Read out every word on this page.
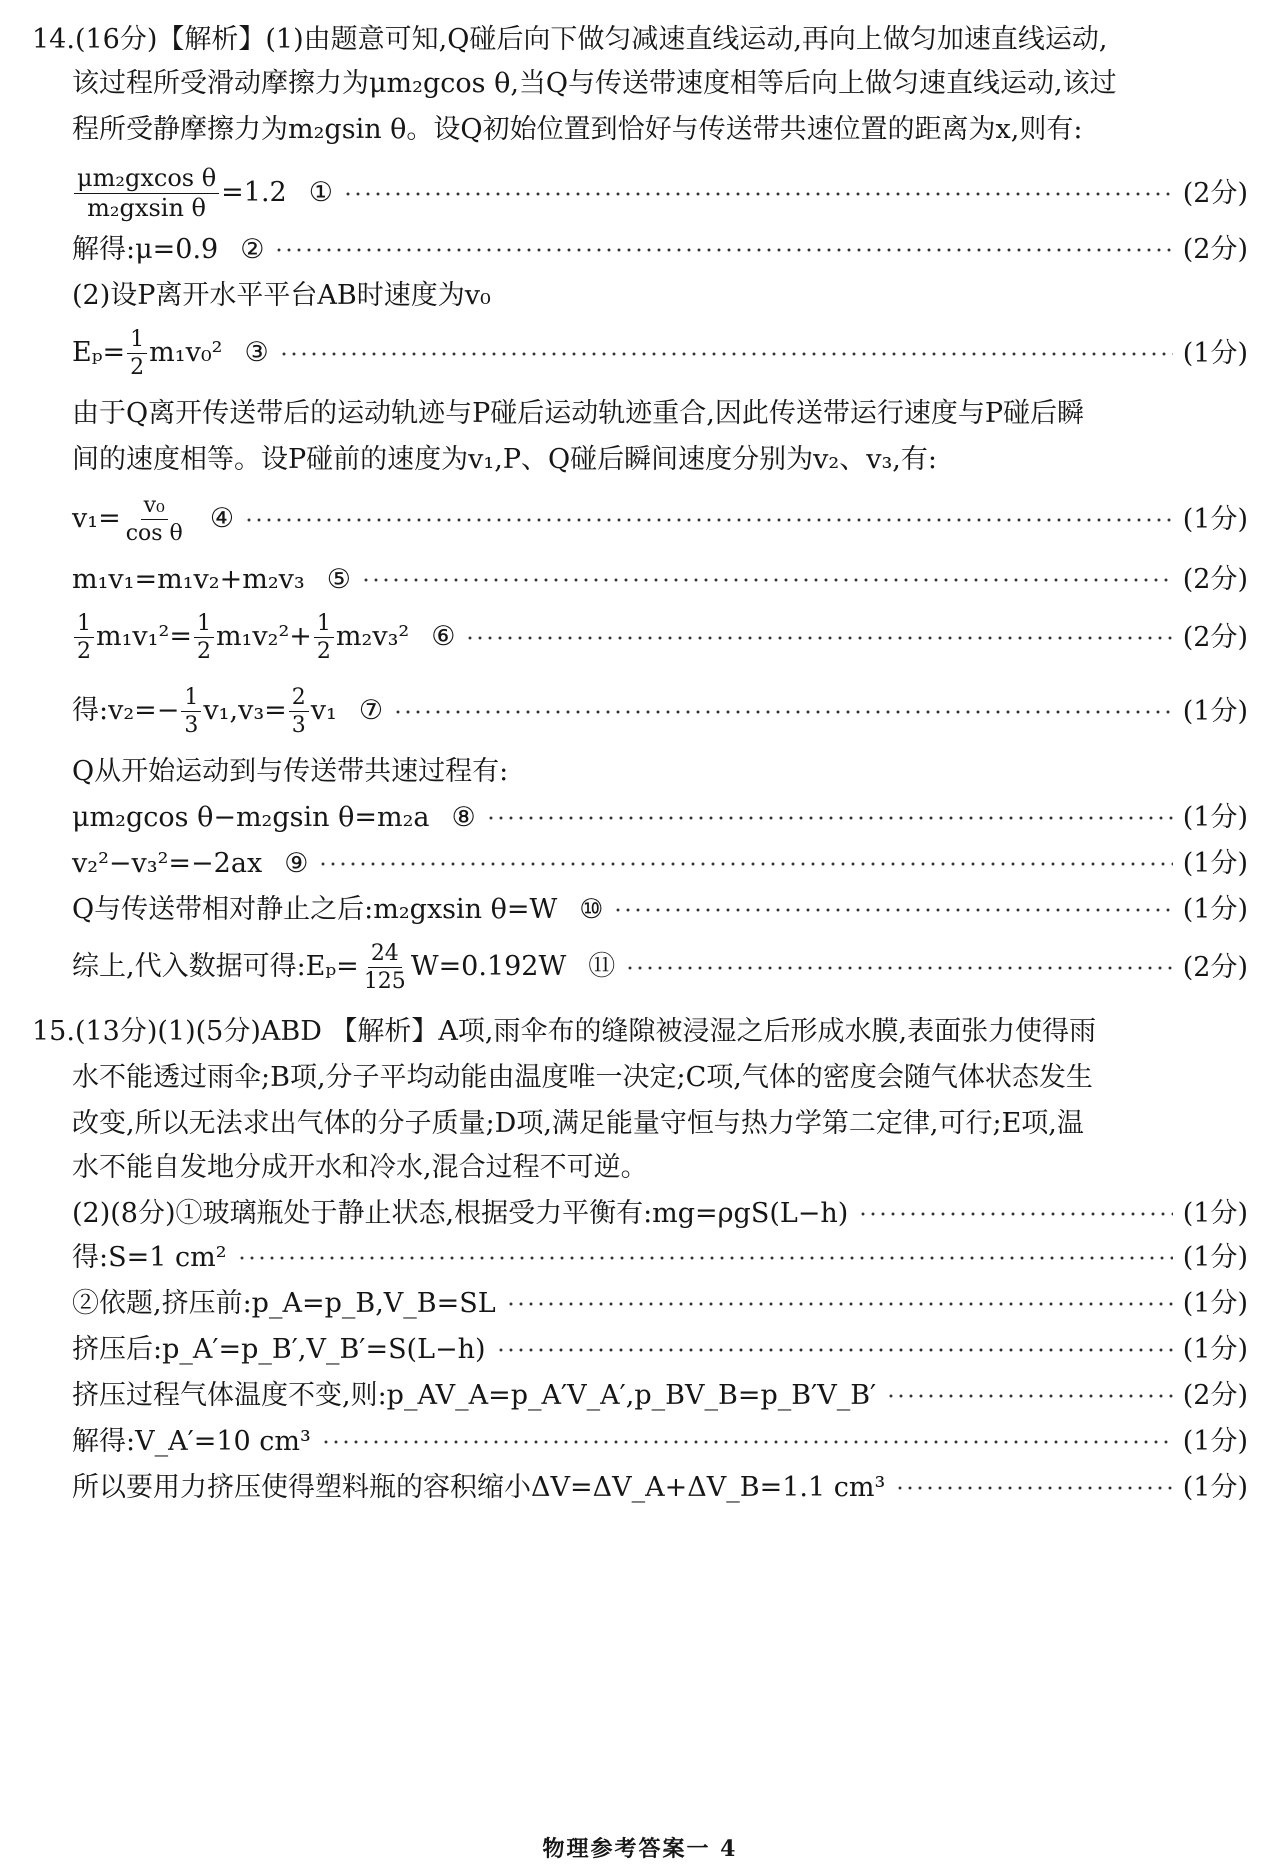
14.(16分)【解析】(1)由题意可知,Q碰后向下做匀减速直线运动,再向上做匀加速直线运动,
该过程所受滑动摩擦力为μm₂gcos θ,当Q与传送带速度相等后向上做匀速直线运动,该过
程所受静摩擦力为m₂gsin θ。设Q初始位置到恰好与传送带共速位置的距离为x,则有:
$\frac{\text{μm₂gxcos θ}}{\text{m₂gxsin θ}} =1.2$ ①	(2分)
解得:μ=0.9 ②	(2分)
(2)设P离开水平平台AB时速度为v₀
$E_p= \frac{1}{2} m_1v_0^2$ ③	(1分)
由于Q离开传送带后的运动轨迹与P碰后运动轨迹重合,因此传送带运行速度与P碰后瞬
间的速度相等。设P碰前的速度为v₁,P、Q碰后瞬间速度分别为v₂、v₃,有:
$v_1= \frac{\text{v₀}}{\text{cos θ}}$ ④	(1分)
m₁v₁=m₁v₂+m₂v₃ ⑤	(2分)
$\frac{1}{2} m_1v_1^2= \frac{1}{2} m_1v_2^2+ \frac{1}{2} m_2v_3^2$ ⑥	(2分)
得:v₂=− $\frac{1}{3} v_1,v_3= \frac{2}{3} v_1$ ⑦	(1分)
Q从开始运动到与传送带共速过程有:
μm₂gcos θ−m₂gsin θ=m₂a ⑧	(1分)
v₂²−v₃²=−2ax ⑨	(1分)
Q与传送带相对静止之后:m₂gxsin θ=W ⑩	(1分)
综上,代入数据可得:Eₚ= $\frac{24}{125} W=0.192W$ ⑪	(2分)
15.(13分)(1)(5分)ABD 【解析】A项,雨伞布的缝隙被浸湿之后形成水膜,表面张力使得雨
水不能透过雨伞;B项,分子平均动能由温度唯一决定;C项,气体的密度会随气体状态发生
改变,所以无法求出气体的分子质量;D项,满足能量守恒与热力学第二定律,可行;E项,温
水不能自发地分成开水和冷水,混合过程不可逆。
(2)(8分)①玻璃瓶处于静止状态,根据受力平衡有:mg=ρgS(L−h)	(1分)
得:S=1 cm²	(1分)
②依题,挤压前:p_A=p_B,V_B=SL	(1分)
挤压后:p_A′=p_B′,V_B′=S(L−h)	(1分)
挤压过程气体温度不变,则:p_AV_A=p_A′V_A′,p_BV_B=p_B′V_B′	(2分)
解得:V_A′=10 cm³	(1分)
所以要用力挤压使得塑料瓶的容积缩小ΔV=ΔV_A+ΔV_B=1.1 cm³	(1分)
物理参考答案一 4
